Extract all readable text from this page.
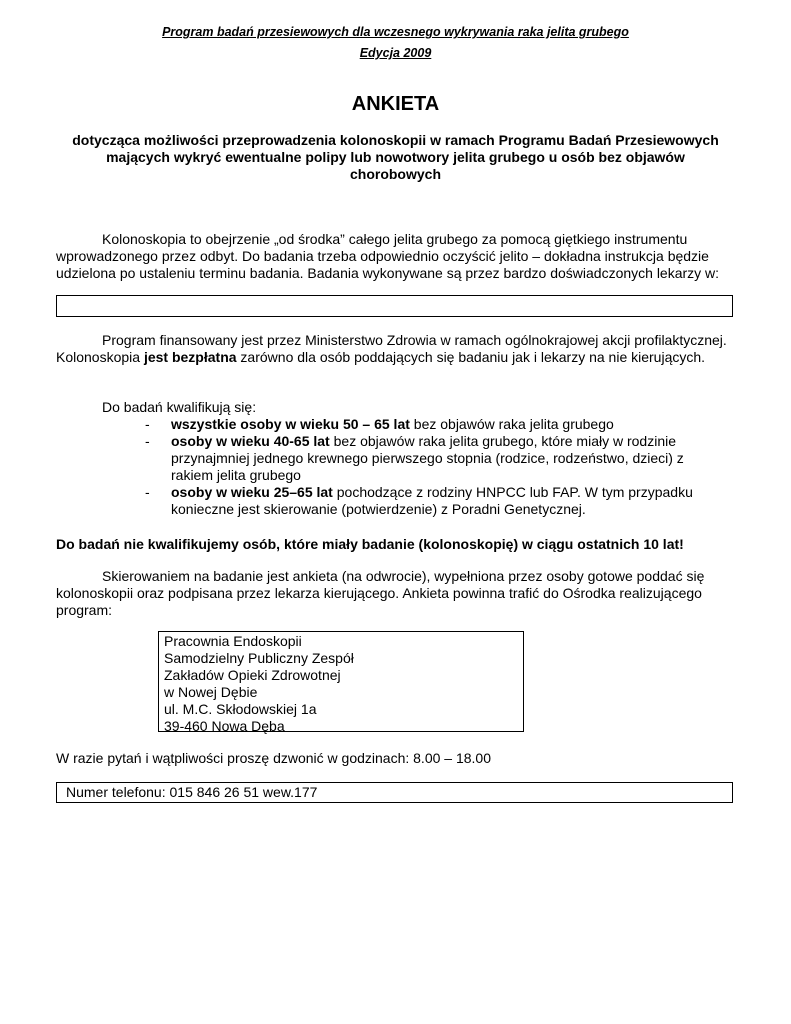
Program badań przesiewowych dla wczesnego wykrywania raka jelita grubego
Edycja 2009
ANKIETA
dotycząca możliwości przeprowadzenia kolonoskopii w ramach Programu Badań Przesiewowych mających wykryć ewentualne polipy lub nowotwory jelita grubego u osób bez objawów chorobowych
Kolonoskopia to obejrzenie „od środka” całego jelita grubego za pomocą giętkiego instrumentu wprowadzonego przez odbyt. Do badania trzeba odpowiednio oczyścić jelito – dokładna instrukcja będzie udzielona po ustaleniu terminu badania. Badania wykonywane są przez bardzo doświadczonych lekarzy w:
Program finansowany jest przez Ministerstwo Zdrowia w ramach ogólnokrajowej akcji profilaktycznej. Kolonoskopia jest bezpłatna zarówno dla osób poddających się badaniu jak i lekarzy na nie kierujących.
Do badań kwalifikują się:
- wszystkie osoby w wieku 50 – 65 lat bez objawów raka jelita grubego
- osoby w wieku 40-65 lat bez objawów raka jelita grubego, które miały w rodzinie przynajmniej jednego krewnego pierwszego stopnia (rodzice, rodzeństwo, dzieci) z rakiem jelita grubego
- osoby w wieku 25–65 lat pochodzące z rodziny HNPCC lub FAP. W tym przypadku konieczne jest skierowanie (potwierdzenie) z Poradni Genetycznej.
Do badań nie kwalifikujemy osób, które miały badanie (kolonoskopię) w ciągu ostatnich 10 lat!
Skierowaniem na badanie jest ankieta (na odwrocie), wypełniona przez osoby gotowe poddać się kolonoskopii oraz podpisana przez lekarza kierującego. Ankieta powinna trafić do Ośrodka realizującego program:
Pracownia Endoskopii
Samodzielny Publiczny Zespół
Zakładów Opieki Zdrowotnej
w Nowej Dębie
ul. M.C. Skłodowskiej 1a
39-460 Nowa Dęba
W razie pytań i wątpliwości proszę dzwonić w godzinach: 8.00 – 18.00
Numer telefonu: 015 846 26 51 wew.177
